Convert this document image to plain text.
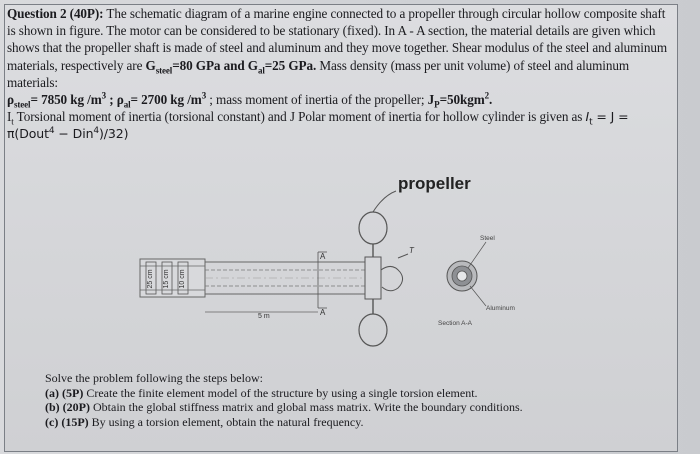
Question 2 (40P): The schematic diagram of a marine engine connected to a propeller through circular hollow composite shaft is shown in figure. The motor can be considered to be stationary (fixed). In A - A section, the material details are given which shows that the propeller shaft is made of steel and aluminum and they move together. Shear modulus of the steel and aluminum materials, respectively are $G_{steel}=80$ GPa and $G_{al}=25$ GPa. Mass density (mass per unit volume) of steel and aluminum materials:
$\rho_{steel}= 7850$ kg $/m^3$ ; $\rho_{al}= 2700$ kg $/m^3$ ; mass moment of inertia of the propeller; $J_P=50kgm^2$.
$I_t$ Torsional moment of inertia (torsional constant) and J Polar moment of inertia for hollow cylinder is given as $I_t = J$ = π(Dout$^4$ − Din$^4$)/32)
propeller
25 cm 15 cm 10 cm
A
A
5 m
T
Steel
Aluminum
Section A-A
Solve the problem following the steps below:
(a) (5P) Create the finite element model of the structure by using a single torsion element.
(b) (20P) Obtain the global stiffness matrix and global mass matrix. Write the boundary conditions.
(c) (15P) By using a torsion element, obtain the natural frequency.
